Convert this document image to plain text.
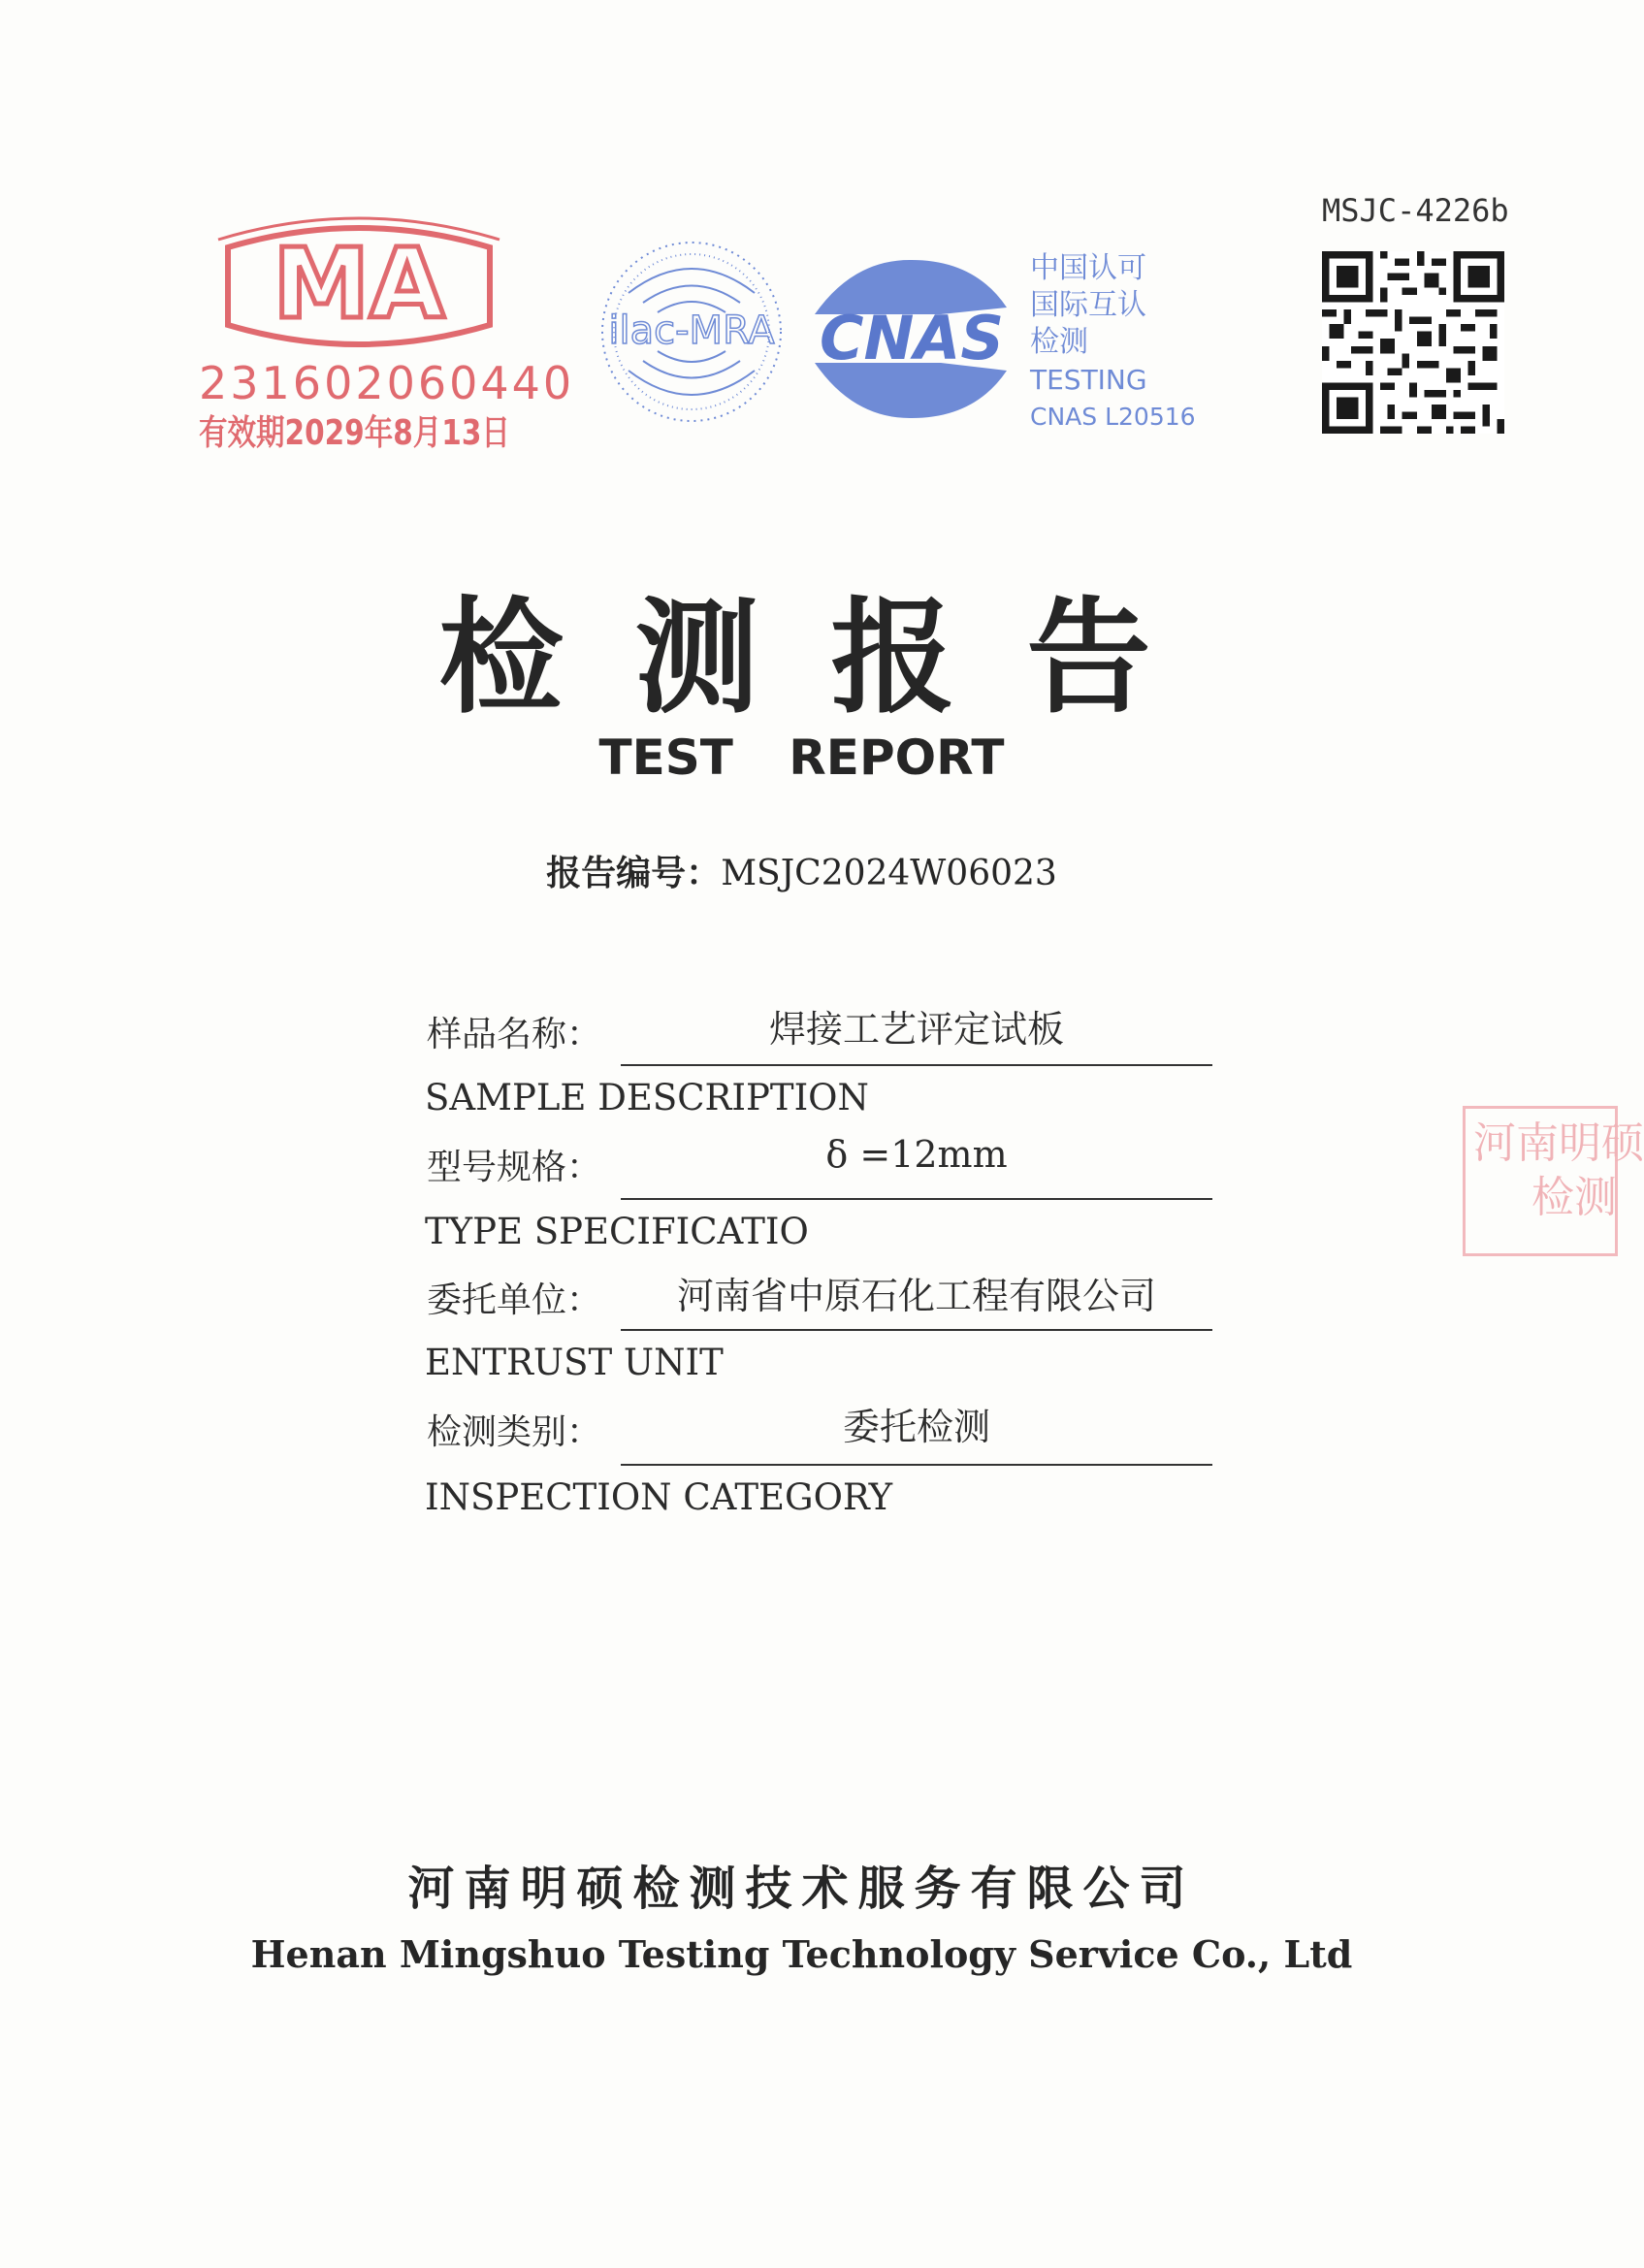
MA
231602060440
有效期2029年8月13日
ilac-MRA CNAS
中国认可
国际互认
检测
TESTING
CNAS L20516
MSJC-4226b
河南明硕
检测
检测报告
TEST REPORT
报告编号：MSJC2024W06023
样品名称：	焊接工艺评定试板
SAMPLE DESCRIPTION
型号规格：	δ =12mm
TYPE SPECIFICATIO
委托单位：	河南省中原石化工程有限公司
ENTRUST UNIT
检测类别：	委托检测
INSPECTION CATEGORY
河南明硕检测技术服务有限公司
Henan Mingshuo Testing Technology Service Co., Ltd
